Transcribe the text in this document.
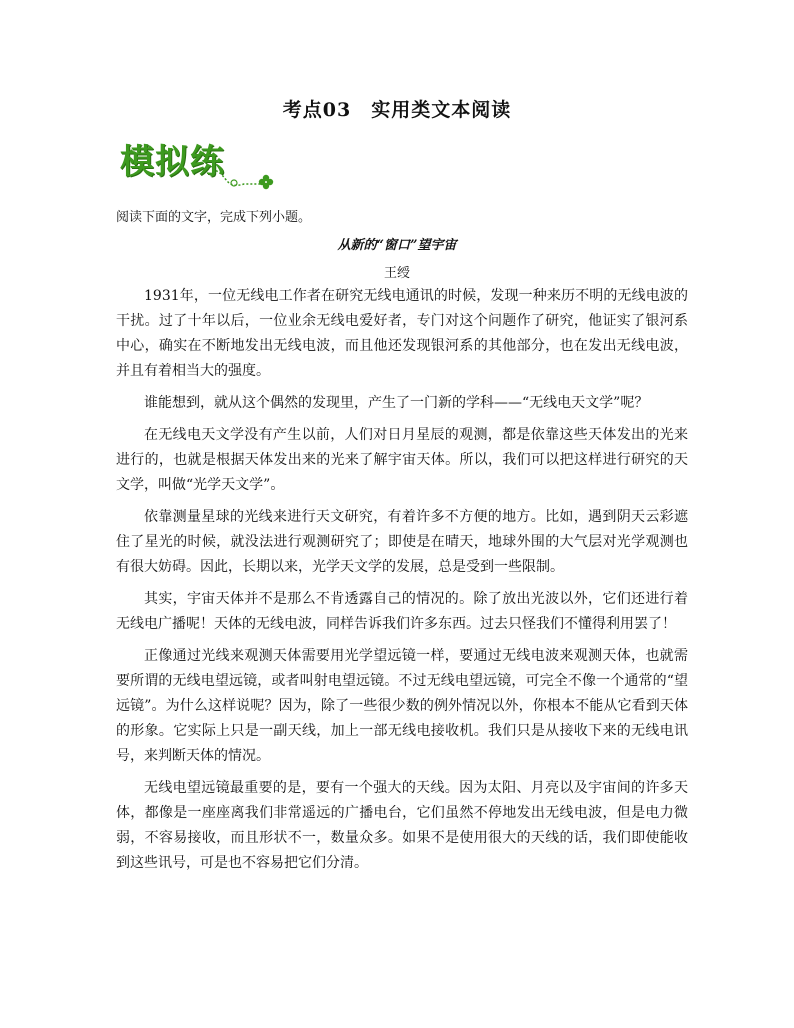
考点03　实用类文本阅读
模拟练
阅读下面的文字，完成下列小题。
从新的“窗口”望宇宙
王绶

1931年，一位无线电工作者在研究无线电通讯的时候，发现一种来历不明的无线电波的干扰。过了十年以后，一位业余无线电爱好者，专门对这个问题作了研究，他证实了银河系中心，确实在不断地发出无线电波，而且他还发现银河系的其他部分，也在发出无线电波，并且有着相当大的强度。

谁能想到，就从这个偶然的发现里，产生了一门新的学科——“无线电天文学”呢？

在无线电天文学没有产生以前，人们对日月星辰的观测，都是依靠这些天体发出的光来进行的，也就是根据天体发出来的光来了解宇宙天体。所以，我们可以把这样进行研究的天文学，叫做“光学天文学”。

依靠测量星球的光线来进行天文研究，有着许多不方便的地方。比如，遇到阴天云彩遮住了星光的时候，就没法进行观测研究了；即使是在晴天，地球外围的大气层对光学观测也有很大妨碍。因此，长期以来，光学天文学的发展，总是受到一些限制。

其实，宇宙天体并不是那么不肯透露自己的情况的。除了放出光波以外，它们还进行着无线电广播呢！天体的无线电波，同样告诉我们许多东西。过去只怪我们不懂得利用罢了！

正像通过光线来观测天体需要用光学望远镜一样，要通过无线电波来观测天体，也就需要所谓的无线电望远镜，或者叫射电望远镜。不过无线电望远镜，可完全不像一个通常的“望远镜”。为什么这样说呢？因为，除了一些很少数的例外情况以外，你根本不能从它看到天体的形象。它实际上只是一副天线，加上一部无线电接收机。我们只是从接收下来的无线电讯号，来判断天体的情况。

无线电望远镜最重要的是，要有一个强大的天线。因为太阳、月亮以及宇宙间的许多天体，都像是一座座离我们非常遥远的广播电台，它们虽然不停地发出无线电波，但是电力微弱，不容易接收，而且形状不一，数量众多。如果不是使用很大的天线的话，我们即使能收到这些讯号，可是也不容易把它们分清。
